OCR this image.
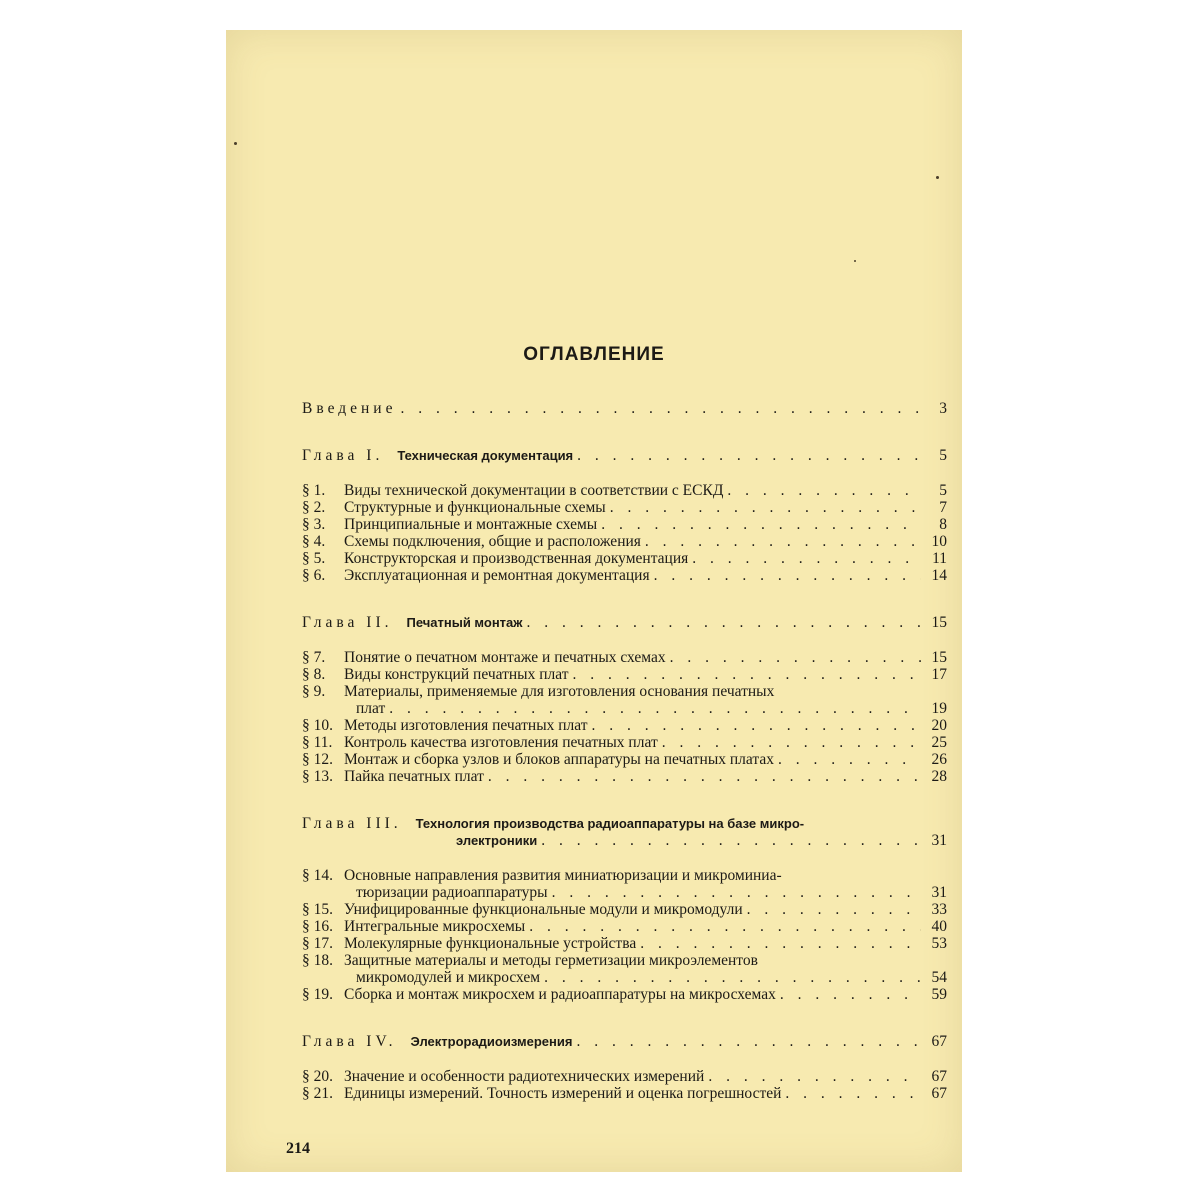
ОГЛАВЛЕНИЕ
Введение . . .	3
Глава I. Техническая документация . . .	5
§ 1.	Виды технической документации в соответствии с ЕСКД . . .	5
§ 2.	Структурные и функциональные схемы . . .	7
§ 3.	Принципиальные и монтажные схемы . . .	8
§ 4.	Схемы подключения, общие и расположения . . .	10
§ 5.	Конструкторская и производственная документация . . .	11
§ 6.	Эксплуатационная и ремонтная документация . . .	14
Глава II. Печатный монтаж . . .	15
§ 7.	Понятие о печатном монтаже и печатных схемах . . .	15
§ 8.	Виды конструкций печатных плат . . .	17
§ 9.	Материалы, применяемые для изготовления основания печатных
плат . . .	19
§ 10. Методы изготовления печатных плат . . .	20
§ 11. Контроль качества изготовления печатных плат . . .	25
§ 12. Монтаж и сборка узлов и блоков аппаратуры на печатных платах . . .	26
§ 13. Пайка печатных плат . . .	28
Глава III. Технология производства радиоаппаратуры на базе микро-
электроники . . .	31
§ 14. Основные направления развития миниатюризации и микроминиа-
тюризации радиоаппаратуры . . .	31
§ 15. Унифицированные функциональные модули и микромодули . . .	33
§ 16. Интегральные микросхемы . . .	40
§ 17. Молекулярные функциональные устройства . . .	53
§ 18. Защитные материалы и методы герметизации микроэлементов
микромодулей и микросхем . . .	54
§ 19. Сборка и монтаж микросхем и радиоаппаратуры на микросхемах . . .	59
Глава IV. Электрорадиоизмерения . . .	67
§ 20. Значение и особенности радиотехнических измерений . . .	67
§ 21. Единицы измерений. Точность измерений и оценка погрешностей . . .	67
214
